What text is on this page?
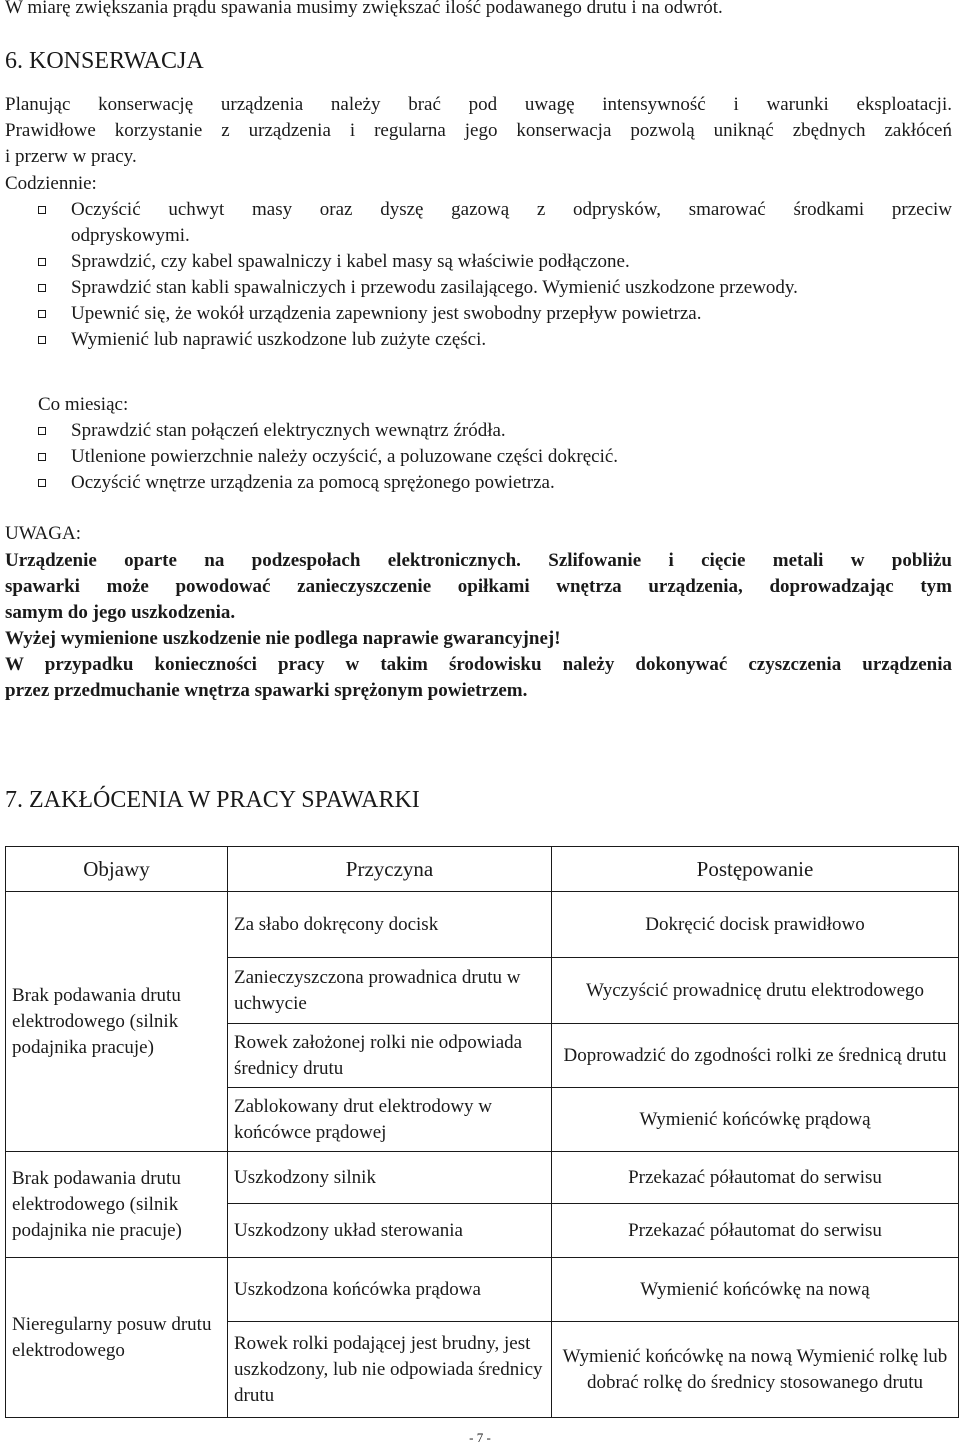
W miarę zwiększania prądu spawania musimy zwiększać ilość podawanego drutu i na odwrót.
6. KONSERWACJA
Planując konserwację urządzenia należy brać pod uwagę intensywność i warunki eksploatacji.
Prawidłowe korzystanie z urządzenia i regularna jego konserwacja pozwolą uniknąć zbędnych zakłóceń
i przerw w pracy.
Codziennie:
Oczyścić uchwyt masy oraz dyszę gazową z odprysków, smarować środkami przeciw
odpryskowymi.
Sprawdzić, czy kabel spawalniczy i kabel masy są właściwie podłączone.
Sprawdzić stan kabli spawalniczych i przewodu zasilającego. Wymienić uszkodzone przewody.
Upewnić się, że wokół urządzenia zapewniony jest swobodny przepływ powietrza.
Wymienić lub naprawić uszkodzone lub zużyte części.
Co miesiąc:
Sprawdzić stan połączeń elektrycznych wewnątrz źródła.
Utlenione powierzchnie należy oczyścić, a poluzowane części dokręcić.
Oczyścić wnętrze urządzenia za pomocą sprężonego powietrza.
UWAGA:
Urządzenie oparte na podzespołach elektronicznych. Szlifowanie i cięcie metali w pobliżu
spawarki może powodować zanieczyszczenie opiłkami wnętrza urządzenia, doprowadzając tym
samym do jego uszkodzenia.
Wyżej wymienione uszkodzenie nie podlega naprawie gwarancyjnej!
W przypadku konieczności pracy w takim środowisku należy dokonywać czyszczenia urządzenia
przez przedmuchanie wnętrza spawarki sprężonym powietrzem.
7. ZAKŁÓCENIA W PRACY SPAWARKI
Objawy	Przyczyna	Postępowanie
Brak podawania drutu elektrodowego (silnik podajnika pracuje)	Za słabo dokręcony docisk	Dokręcić docisk prawidłowo
	Zanieczyszczona prowadnica drutu w uchwycie	Wyczyścić prowadnicę drutu elektrodowego
	Rowek założonej rolki nie odpowiada średnicy drutu	Doprowadzić do zgodności rolki ze średnicą drutu
	Zablokowany drut elektrodowy w końcówce prądowej	Wymienić końcówkę prądową
Brak podawania drutu elektrodowego (silnik podajnika nie pracuje)	Uszkodzony silnik	Przekazać półautomat do serwisu
	Uszkodzony układ sterowania	Przekazać półautomat do serwisu
Nieregularny posuw drutu elektrodowego	Uszkodzona końcówka prądowa	Wymienić końcówkę na nową
	Rowek rolki podającej jest brudny, jest uszkodzony, lub nie odpowiada średnicy drutu	Wymienić końcówkę na nową Wymienić rolkę lub dobrać rolkę do średnicy stosowanego drutu
- 7 -
